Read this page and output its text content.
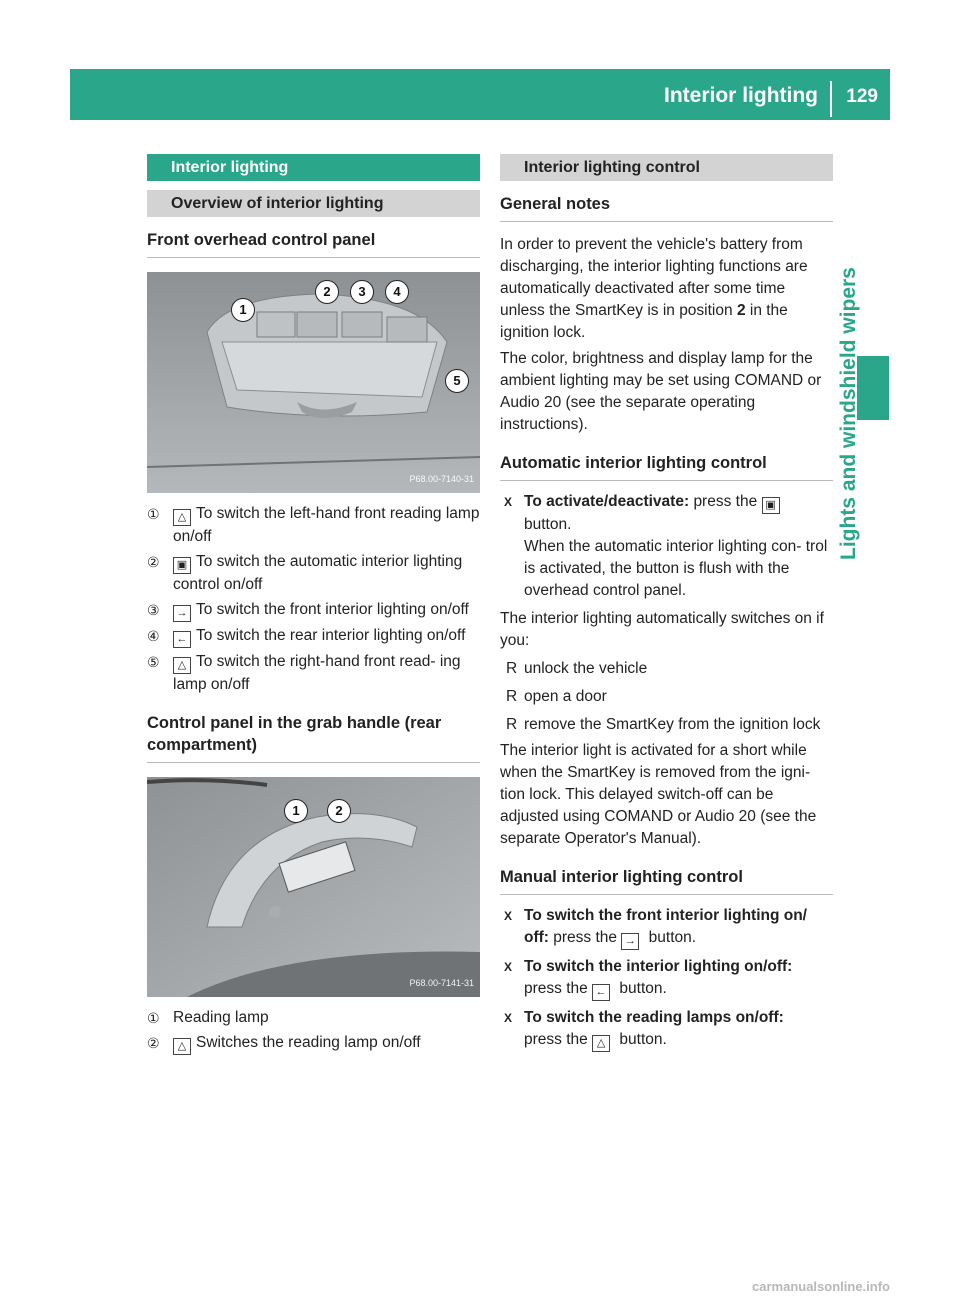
Interior lighting 129
Lights and windshield wipers
Interior lighting
Overview of interior lighting
Front overhead control panel
1
2	3	4
5
P68.00-7140-31
①	△ To switch the left-hand front reading lamp on/off
②	▣ To switch the automatic interior lighting control on/off
③	→ To switch the front interior lighting on/off
④	← To switch the rear interior lighting on/off
⑤	△ To switch the right-hand front read- ing lamp on/off
Control panel in the grab handle (rear compartment)
1	2
P68.00-7141-31
① Reading lamp
②	△ Switches the reading lamp on/off
Interior lighting control
General notes

In order to prevent the vehicle's battery from discharging, the interior lighting functions are automatically deactivated after some time unless the SmartKey is in position 2 in the ignition lock.

The color, brightness and display lamp for the ambient lighting may be set using COMAND or Audio 20 (see the separate operating instructions).

Automatic interior lighting control
X To activate/deactivate: press the ▣ button.

When the automatic interior lighting con- trol is activated, the button is flush with the overhead control panel.

The interior lighting automatically switches on if you:

R unlock the vehicle
R open a door
R remove the SmartKey from the ignition lock

The interior light is activated for a short while when the SmartKey is removed from the igni- tion lock. This delayed switch-off can be adjusted using COMAND or Audio 20 (see the separate Operator's Manual).

Manual interior lighting control
X To switch the front interior lighting on/ off: press the → button.

X To switch the interior lighting on/off:
press the ← button.

X To switch the reading lamps on/off:
press the △ button.

carmanualsonline.info
